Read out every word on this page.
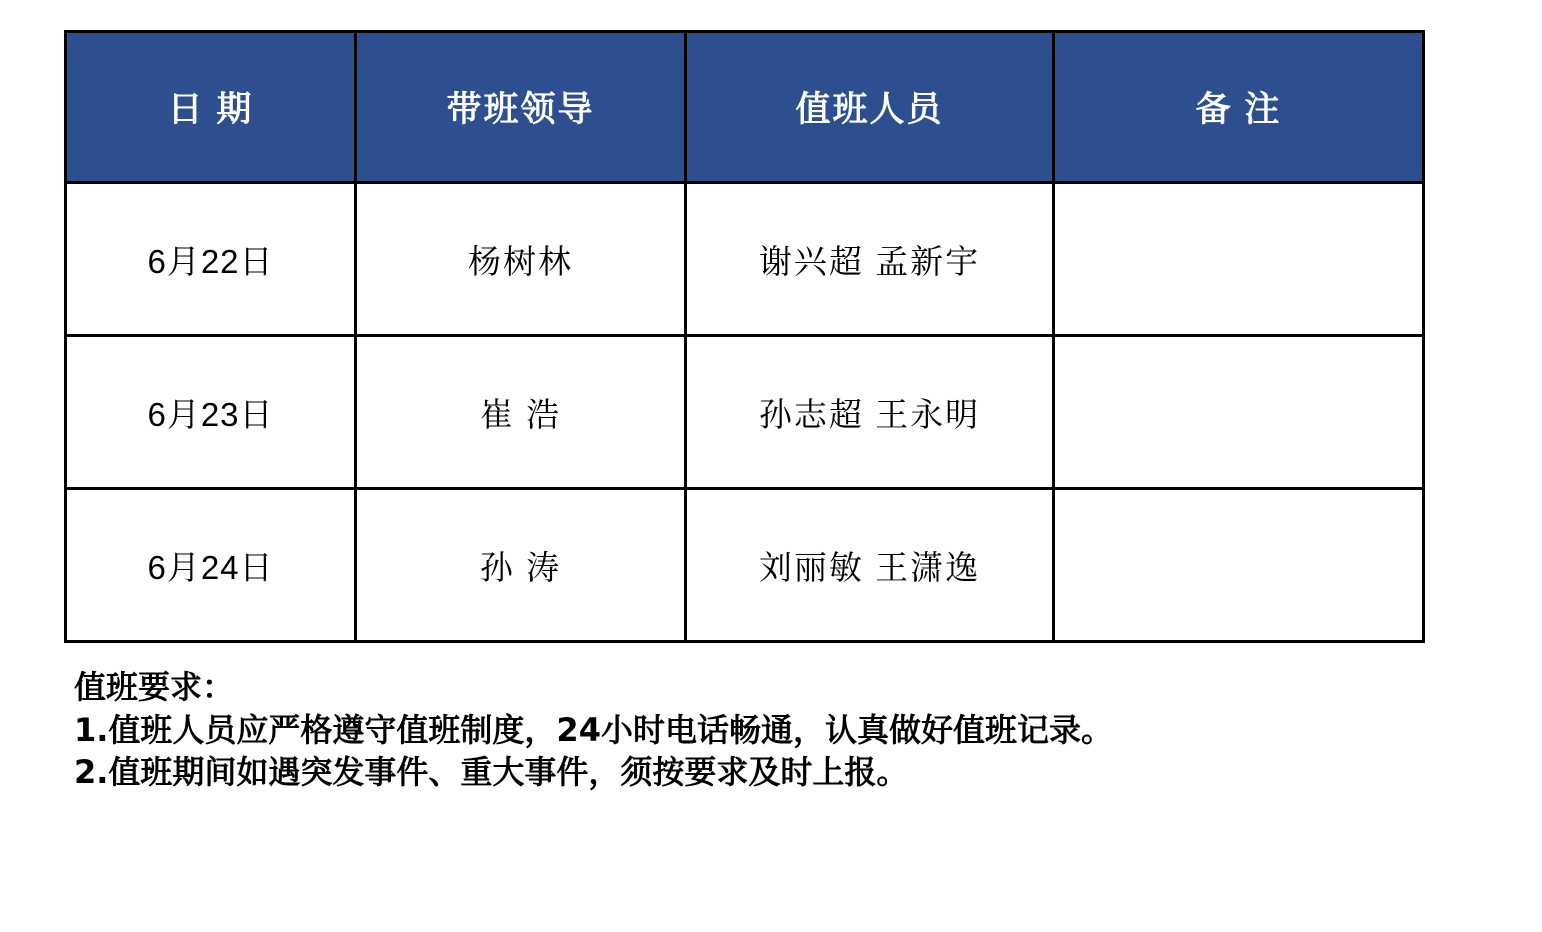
日 期	带班领导	值班人员	备 注
6月22日	杨树林	谢兴超 孟新宇	
6月23日	崔 浩	孙志超 王永明	
6月24日	孙 涛	刘丽敏 王潇逸	
值班要求：
1.值班人员应严格遵守值班制度，24小时电话畅通，认真做好值班记录。
2.值班期间如遇突发事件、重大事件，须按要求及时上报。
